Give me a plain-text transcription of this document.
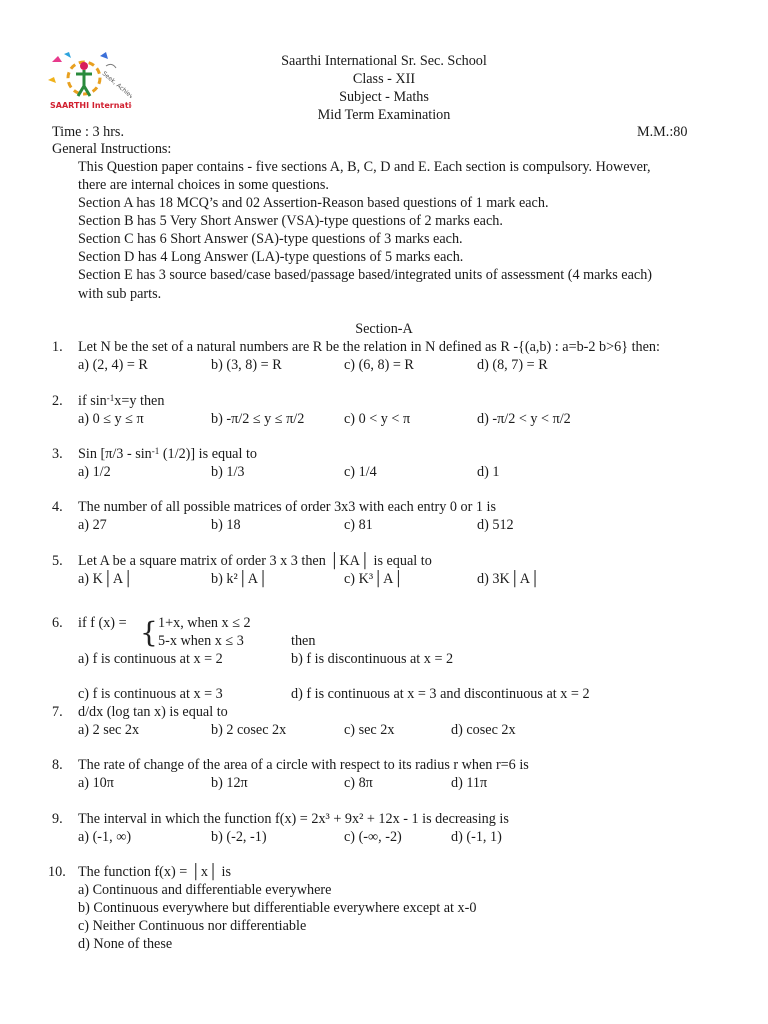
Seek, Achieve,
SAARTHI Internati
Saarthi International Sr. Sec. School
Class - XII
Subject - Maths
Mid Term Examination
Time : 3 hrs.	M.M.:80
General Instructions:
This Question paper contains - five sections A, B, C, D and E. Each section is compulsory. However,
there are internal choices in some questions.
Section A has 18 MCQ’s and 02 Assertion-Reason based questions of 1 mark each.
Section B has 5 Very Short Answer (VSA)-type questions of 2 marks each.
Section C has 6 Short Answer (SA)-type questions of 3 marks each.
Section D has 4 Long Answer (LA)-type questions of 5 marks each.
Section E has 3 source based/case based/passage based/integrated units of assessment (4 marks each)
with sub parts.
Section-A
1. Let N be the set of a natural numbers are R be the relation in N defined as R -{(a,b) : a=b-2 b>6} then:
a) (2, 4) = R	b) (3, 8) = R	c) (6, 8) = R	d) (8, 7) = R
2. if $\sin^{-1}x=y$ then
a) 0 ≤ y ≤ π	b) -π/2 ≤ y ≤ π/2	c) 0 < y < π	d) -π/2 < y < π/2
3. Sin $[\pi/3 - \sin^{-1} (1/2)]$ is equal to
a) 1/2	b) 1/3	c) 1/4	d) 1
4. The number of all possible matrices of order 3x3 with each entry 0 or 1 is
a) 27	b) 18	c) 81	d) 512
5. Let A be a square matrix of order 3 x 3 then │KA│ is equal to
a) K│A│	b) k²│A│	c) K³│A│	d) 3K│A│
6. if f (x) = { 1+x, when x ≤ 2
5-x when x ≤ 3	then
a) f is continuous at x = 2	b) f is discontinuous at x = 2
c) f is continuous at x = 3	d) f is continuous at x = 3 and discontinuous at x = 2
7. d/dx (log tan x) is equal to
a) 2 sec 2x	b) 2 cosec 2x	c) sec 2x	d) cosec 2x
8. The rate of change of the area of a circle with respect to its radius r when r=6 is
a) 10π	b) 12π	c) 8π	d) 11π
9. The interval in which the function f(x) = 2x³ + 9x² + 12x - 1 is decreasing is
a) (-1, ∞)	b) (-2, -1)	c) (-∞, -2)	d) (-1, 1)
10. The function f(x) = │x│ is
a) Continuous and differentiable everywhere
b) Continuous everywhere but differentiable everywhere except at x-0
c) Neither Continuous nor differentiable
d) None of these
